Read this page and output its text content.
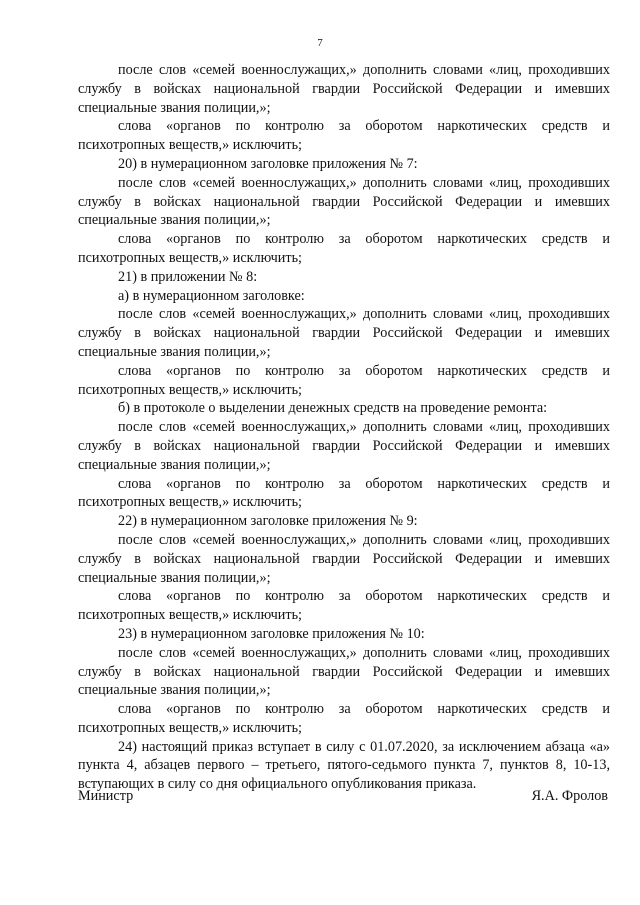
7

после слов «семей военнослужащих,» дополнить словами «лиц, проходивших службу в войсках национальной гвардии Российской Федерации и имевших специальные звания полиции,»;

слова «органов по контролю за оборотом наркотических средств и психотропных веществ,» исключить;

20) в нумерационном заголовке приложения № 7:

после слов «семей военнослужащих,» дополнить словами «лиц, проходивших службу в войсках национальной гвардии Российской Федерации и имевших специальные звания полиции,»;

слова «органов по контролю за оборотом наркотических средств и психотропных веществ,» исключить;

21) в приложении № 8:

а) в нумерационном заголовке:

после слов «семей военнослужащих,» дополнить словами «лиц, проходивших службу в войсках национальной гвардии Российской Федерации и имевших специальные звания полиции,»;

слова «органов по контролю за оборотом наркотических средств и психотропных веществ,» исключить;

б) в протоколе о выделении денежных средств на проведение ремонта:

после слов «семей военнослужащих,» дополнить словами «лиц, проходивших службу в войсках национальной гвардии Российской Федерации и имевших специальные звания полиции,»;

слова «органов по контролю за оборотом наркотических средств и психотропных веществ,» исключить;

22) в нумерационном заголовке приложения № 9:

после слов «семей военнослужащих,» дополнить словами «лиц, проходивших службу в войсках национальной гвардии Российской Федерации и имевших специальные звания полиции,»;

слова «органов по контролю за оборотом наркотических средств и психотропных веществ,» исключить;

23) в нумерационном заголовке приложения № 10:

после слов «семей военнослужащих,» дополнить словами «лиц, проходивших службу в войсках национальной гвардии Российской Федерации и имевших специальные звания полиции,»;

слова «органов по контролю за оборотом наркотических средств и психотропных веществ,» исключить;

24) настоящий приказ вступает в силу с 01.07.2020, за исключением абзаца «а» пункта 4, абзацев первого – третьего, пятого-седьмого пункта 7, пунктов 8, 10-13, вступающих в силу со дня официального опубликования приказа.

Министр	Я.А. Фролов
